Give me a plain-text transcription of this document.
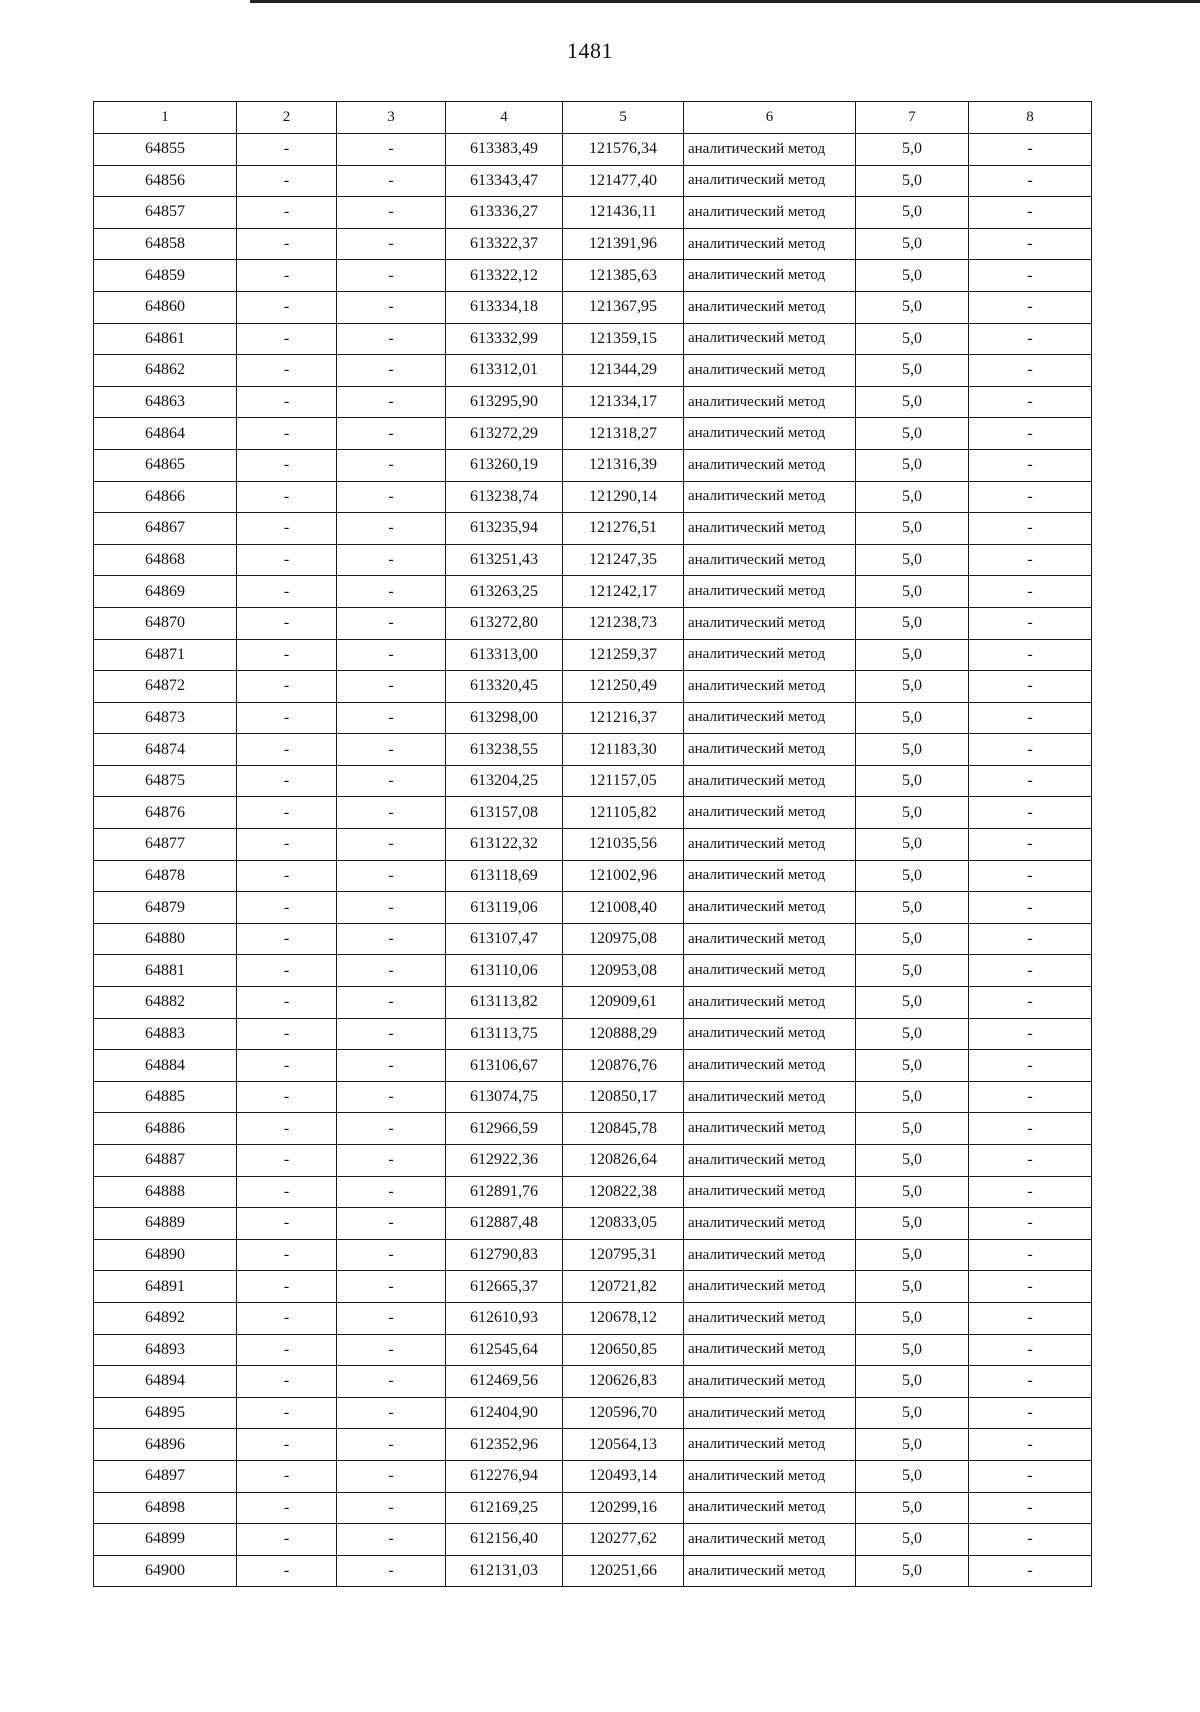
1481
1	2	3	4	5	6	7	8
64855	-	-	613383,49	121576,34	аналитический метод	5,0	-
64856	-	-	613343,47	121477,40	аналитический метод	5,0	-
64857	-	-	613336,27	121436,11	аналитический метод	5,0	-
64858	-	-	613322,37	121391,96	аналитический метод	5,0	-
64859	-	-	613322,12	121385,63	аналитический метод	5,0	-
64860	-	-	613334,18	121367,95	аналитический метод	5,0	-
64861	-	-	613332,99	121359,15	аналитический метод	5,0	-
64862	-	-	613312,01	121344,29	аналитический метод	5,0	-
64863	-	-	613295,90	121334,17	аналитический метод	5,0	-
64864	-	-	613272,29	121318,27	аналитический метод	5,0	-
64865	-	-	613260,19	121316,39	аналитический метод	5,0	-
64866	-	-	613238,74	121290,14	аналитический метод	5,0	-
64867	-	-	613235,94	121276,51	аналитический метод	5,0	-
64868	-	-	613251,43	121247,35	аналитический метод	5,0	-
64869	-	-	613263,25	121242,17	аналитический метод	5,0	-
64870	-	-	613272,80	121238,73	аналитический метод	5,0	-
64871	-	-	613313,00	121259,37	аналитический метод	5,0	-
64872	-	-	613320,45	121250,49	аналитический метод	5,0	-
64873	-	-	613298,00	121216,37	аналитический метод	5,0	-
64874	-	-	613238,55	121183,30	аналитический метод	5,0	-
64875	-	-	613204,25	121157,05	аналитический метод	5,0	-
64876	-	-	613157,08	121105,82	аналитический метод	5,0	-
64877	-	-	613122,32	121035,56	аналитический метод	5,0	-
64878	-	-	613118,69	121002,96	аналитический метод	5,0	-
64879	-	-	613119,06	121008,40	аналитический метод	5,0	-
64880	-	-	613107,47	120975,08	аналитический метод	5,0	-
64881	-	-	613110,06	120953,08	аналитический метод	5,0	-
64882	-	-	613113,82	120909,61	аналитический метод	5,0	-
64883	-	-	613113,75	120888,29	аналитический метод	5,0	-
64884	-	-	613106,67	120876,76	аналитический метод	5,0	-
64885	-	-	613074,75	120850,17	аналитический метод	5,0	-
64886	-	-	612966,59	120845,78	аналитический метод	5,0	-
64887	-	-	612922,36	120826,64	аналитический метод	5,0	-
64888	-	-	612891,76	120822,38	аналитический метод	5,0	-
64889	-	-	612887,48	120833,05	аналитический метод	5,0	-
64890	-	-	612790,83	120795,31	аналитический метод	5,0	-
64891	-	-	612665,37	120721,82	аналитический метод	5,0	-
64892	-	-	612610,93	120678,12	аналитический метод	5,0	-
64893	-	-	612545,64	120650,85	аналитический метод	5,0	-
64894	-	-	612469,56	120626,83	аналитический метод	5,0	-
64895	-	-	612404,90	120596,70	аналитический метод	5,0	-
64896	-	-	612352,96	120564,13	аналитический метод	5,0	-
64897	-	-	612276,94	120493,14	аналитический метод	5,0	-
64898	-	-	612169,25	120299,16	аналитический метод	5,0	-
64899	-	-	612156,40	120277,62	аналитический метод	5,0	-
64900	-	-	612131,03	120251,66	аналитический метод	5,0	-
